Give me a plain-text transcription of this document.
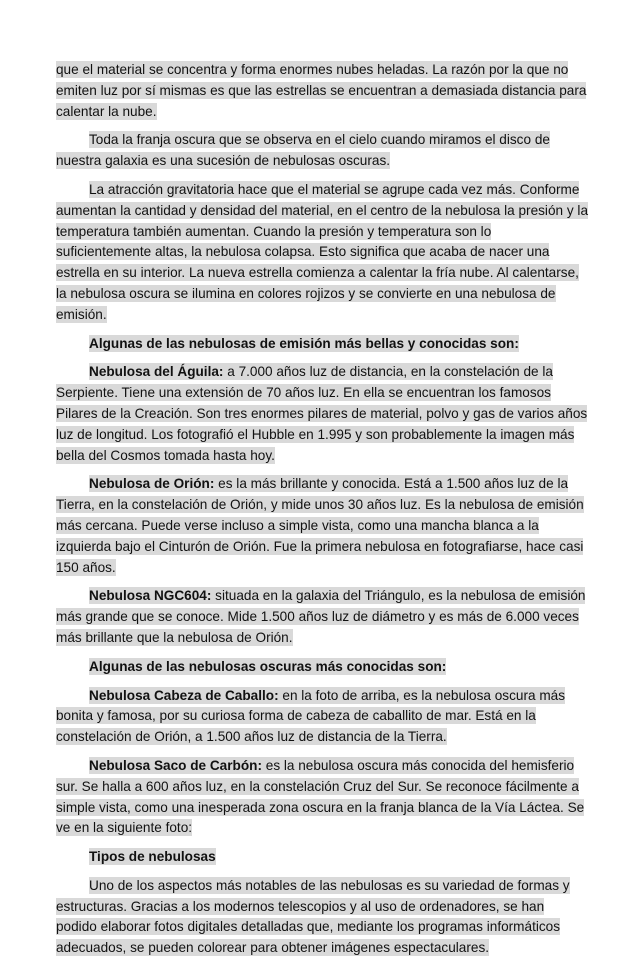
que el material se concentra y forma enormes nubes heladas. La razón por la que no emiten luz por sí mismas es que las estrellas se encuentran a demasiada distancia para calentar la nube.

Toda la franja oscura que se observa en el cielo cuando miramos el disco de nuestra galaxia es una sucesión de nebulosas oscuras.

La atracción gravitatoria hace que el material se agrupe cada vez más. Conforme aumentan la cantidad y densidad del material, en el centro de la nebulosa la presión y la temperatura también aumentan. Cuando la presión y temperatura son lo suficientemente altas, la nebulosa colapsa. Esto significa que acaba de nacer una estrella en su interior. La nueva estrella comienza a calentar la fría nube. Al calentarse, la nebulosa oscura se ilumina en colores rojizos y se convierte en una nebulosa de emisión.

Algunas de las nebulosas de emisión más bellas y conocidas son:

Nebulosa del Águila: a 7.000 años luz de distancia, en la constelación de la Serpiente. Tiene una extensión de 70 años luz. En ella se encuentran los famosos Pilares de la Creación. Son tres enormes pilares de material, polvo y gas de varios años luz de longitud. Los fotografió el Hubble en 1.995 y son probablemente la imagen más bella del Cosmos tomada hasta hoy.

Nebulosa de Orión: es la más brillante y conocida. Está a 1.500 años luz de la Tierra, en la constelación de Orión, y mide unos 30 años luz. Es la nebulosa de emisión más cercana. Puede verse incluso a simple vista, como una mancha blanca a la izquierda bajo el Cinturón de Orión. Fue la primera nebulosa en fotografiarse, hace casi 150 años.

Nebulosa NGC604: situada en la galaxia del Triángulo, es la nebulosa de emisión más grande que se conoce. Mide 1.500 años luz de diámetro y es más de 6.000 veces más brillante que la nebulosa de Orión.

Algunas de las nebulosas oscuras más conocidas son:

Nebulosa Cabeza de Caballo: en la foto de arriba, es la nebulosa oscura más bonita y famosa, por su curiosa forma de cabeza de caballito de mar. Está en la constelación de Orión, a 1.500 años luz de distancia de la Tierra.

Nebulosa Saco de Carbón: es la nebulosa oscura más conocida del hemisferio sur. Se halla a 600 años luz, en la constelación Cruz del Sur. Se reconoce fácilmente a simple vista, como una inesperada zona oscura en la franja blanca de la Vía Láctea. Se ve en la siguiente foto:

Tipos de nebulosas

Uno de los aspectos más notables de las nebulosas es su variedad de formas y estructuras. Gracias a los modernos telescopios y al uso de ordenadores, se han podido elaborar fotos digitales detalladas que, mediante los programas informáticos adecuados, se pueden colorear para obtener imágenes espectaculares.
